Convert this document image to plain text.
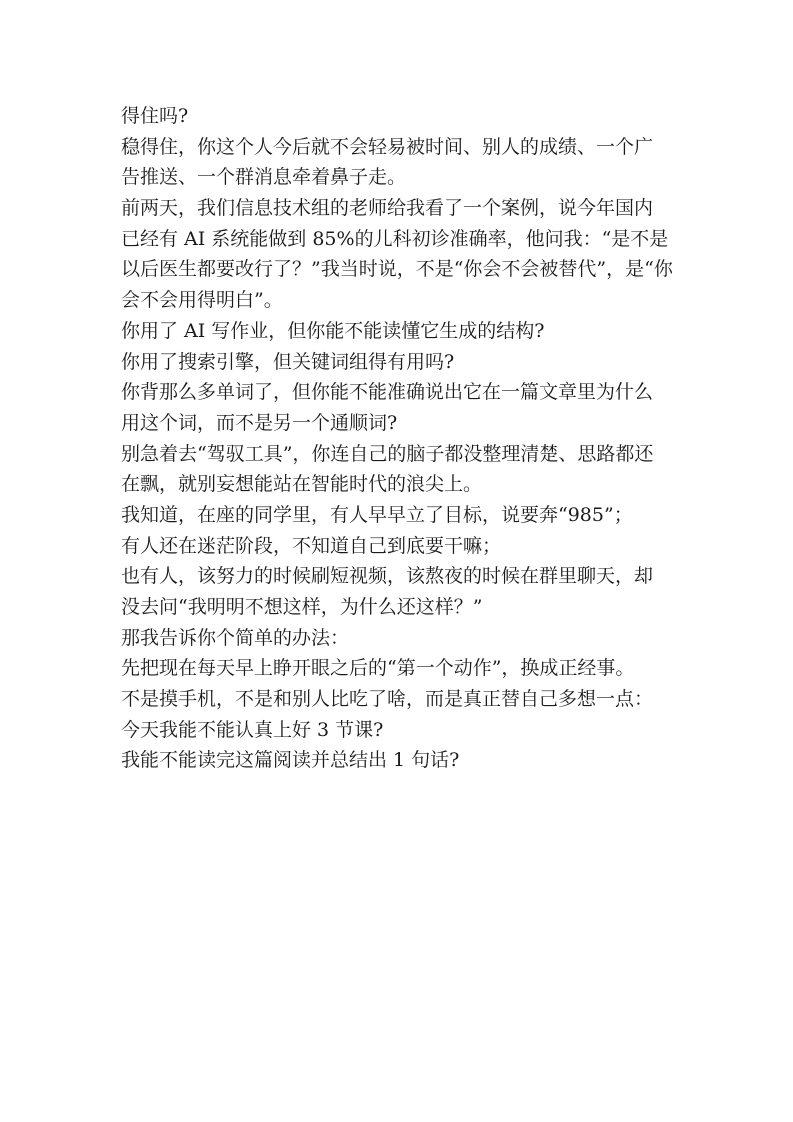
得住吗?
稳得住，你这个人今后就不会轻易被时间、别人的成绩、一个广
告推送、一个群消息牵着鼻子走。
前两天，我们信息技术组的老师给我看了一个案例，说今年国内
已经有 AI 系统能做到 85%的儿科初诊准确率，他问我：“是不是
以后医生都要改行了？”我当时说，不是“你会不会被替代”，是“你
会不会用得明白”。
你用了 AI 写作业，但你能不能读懂它生成的结构?
你用了搜索引擎，但关键词组得有用吗?
你背那么多单词了，但你能不能准确说出它在一篇文章里为什么
用这个词，而不是另一个通顺词?
别急着去“驾驭工具”，你连自己的脑子都没整理清楚、思路都还
在飘，就别妄想能站在智能时代的浪尖上。
我知道，在座的同学里，有人早早立了目标，说要奔“985”；
有人还在迷茫阶段，不知道自己到底要干嘛；
也有人，该努力的时候刷短视频，该熬夜的时候在群里聊天，却
没去问“我明明不想这样，为什么还这样？”
那我告诉你个简单的办法：
先把现在每天早上睁开眼之后的“第一个动作”，换成正经事。
不是摸手机，不是和别人比吃了啥，而是真正替自己多想一点：
今天我能不能认真上好 3 节课?
我能不能读完这篇阅读并总结出 1 句话?
